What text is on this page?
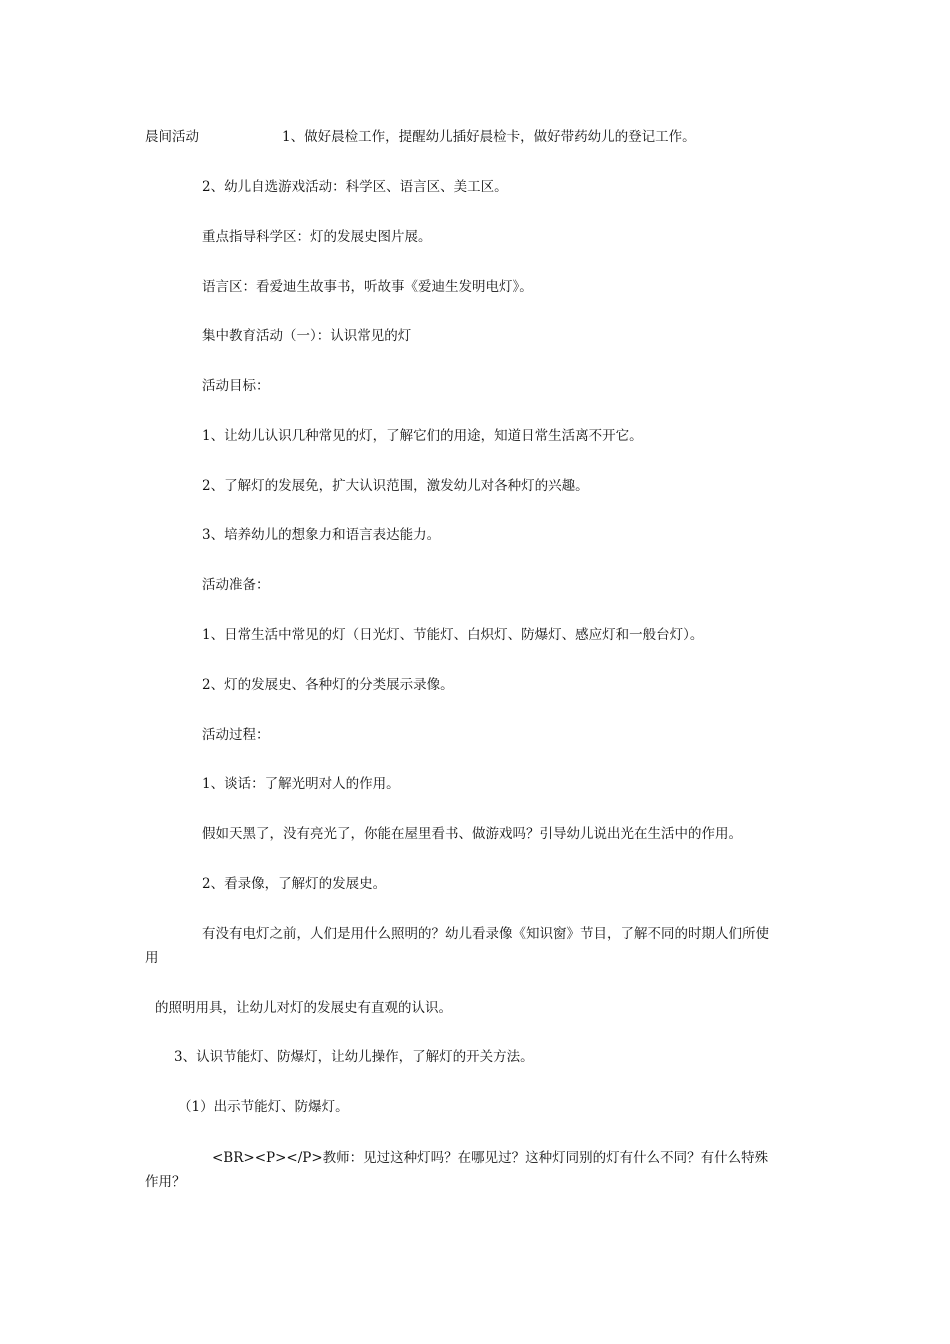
晨间活动	1、做好晨检工作，提醒幼儿插好晨检卡，做好带药幼儿的登记工作。
2、幼儿自选游戏活动：科学区、语言区、美工区。
重点指导科学区：灯的发展史图片展。
语言区：看爱迪生故事书，听故事《爱迪生发明电灯》。
集中教育活动（一）：认识常见的灯
活动目标：
1、让幼儿认识几种常见的灯，了解它们的用途，知道日常生活离不开它。
2、了解灯的发展免，扩大认识范围，激发幼儿对各种灯的兴趣。
3、培养幼儿的想象力和语言表达能力。
活动准备：
1、日常生活中常见的灯（日光灯、节能灯、白炽灯、防爆灯、感应灯和一般台灯）。
2、灯的发展史、各种灯的分类展示录像。
活动过程：
1、谈话：了解光明对人的作用。
假如天黑了，没有亮光了，你能在屋里看书、做游戏吗？引导幼儿说出光在生活中的作用。
2、看录像，了解灯的发展史。
有没有电灯之前，人们是用什么照明的？幼儿看录像《知识窗》节目，了解不同的时期人们所使
用
的照明用具，让幼儿对灯的发展史有直观的认识。
3、认识节能灯、防爆灯，让幼儿操作，了解灯的开关方法。
（1）出示节能灯、防爆灯。
<BR><P></P>教师：见过这种灯吗？在哪见过？这种灯同别的灯有什么不同？有什么特殊
作用？
